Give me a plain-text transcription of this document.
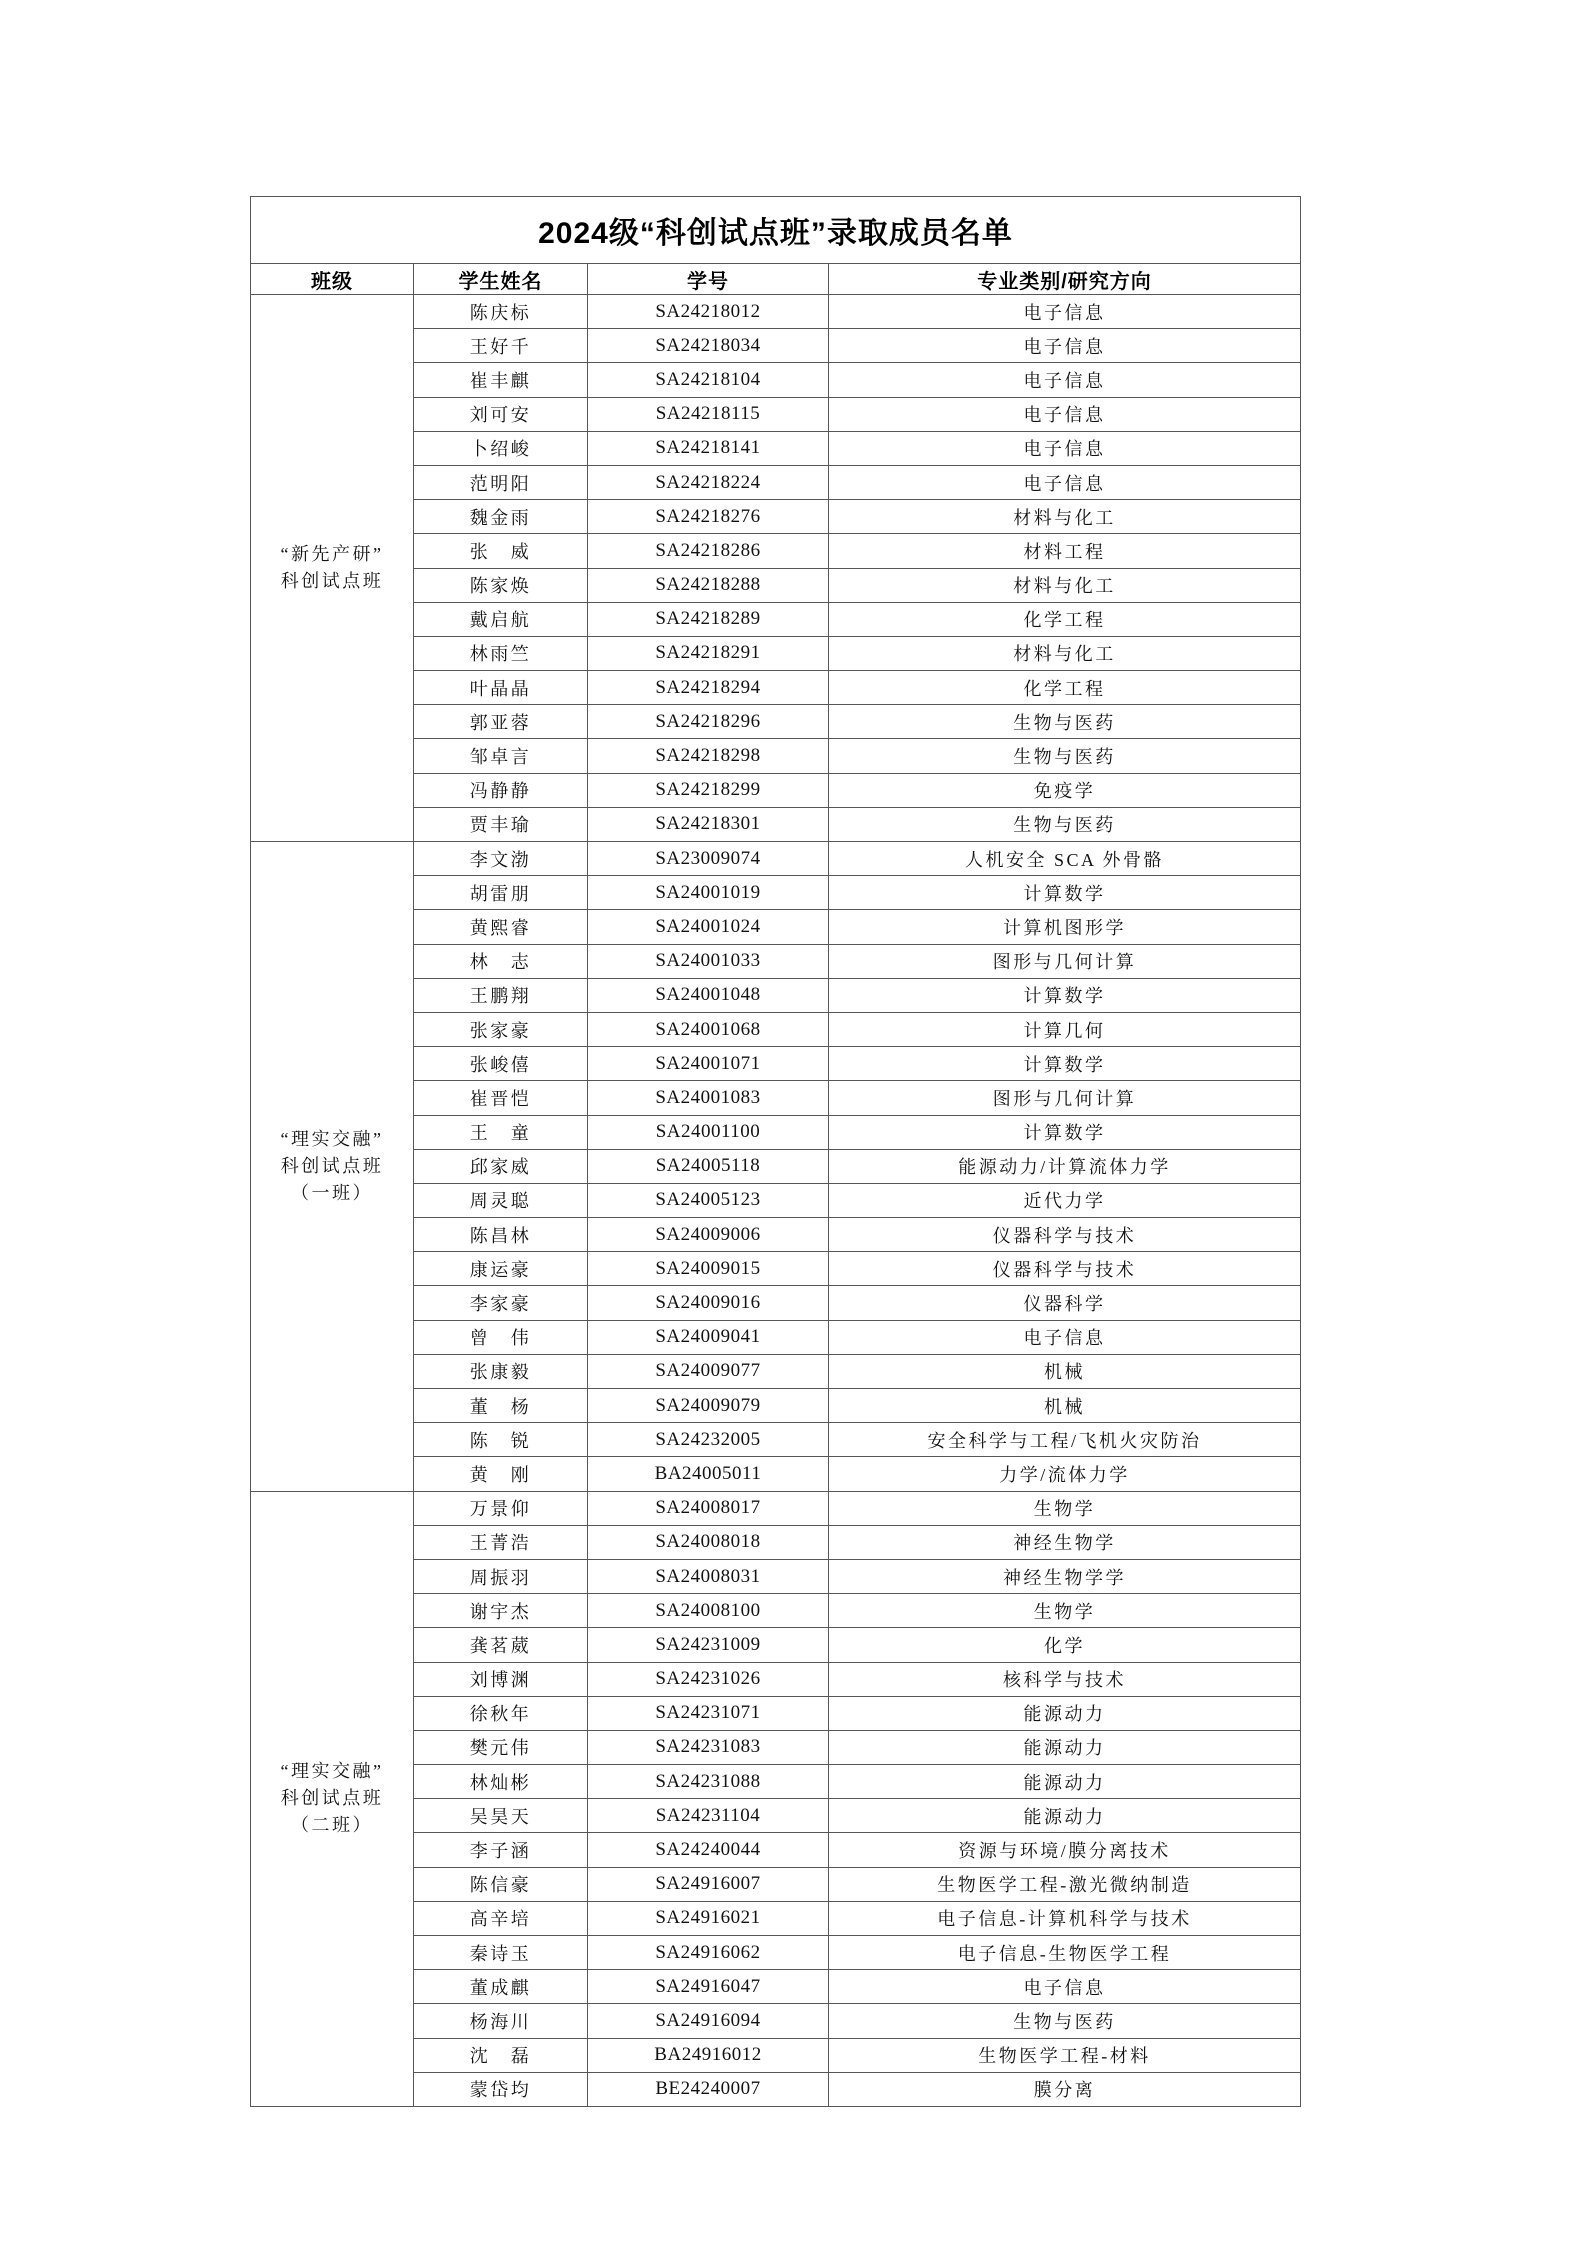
2024级“科创试点班”录取成员名单			
班级	学生姓名	学号	专业类别/研究方向

“新先产研”
科创试点班	陈庆标	SA24218012	电子信息
	王好千	SA24218034	电子信息
	崔丰麒	SA24218104	电子信息
	刘可安	SA24218115	电子信息
	卜绍峻	SA24218141	电子信息
	范明阳	SA24218224	电子信息
	魏金雨	SA24218276	材料与化工
	张　威	SA24218286	材料工程
	陈家焕	SA24218288	材料与化工
	戴启航	SA24218289	化学工程
	林雨竺	SA24218291	材料与化工
	叶晶晶	SA24218294	化学工程
	郭亚蓉	SA24218296	生物与医药
	邹卓言	SA24218298	生物与医药
	冯静静	SA24218299	免疫学
	贾丰瑜	SA24218301	生物与医药

“理实交融”
科创试点班
（一班）	李文渤	SA23009074	人机安全 SCA 外骨骼
	胡雷朋	SA24001019	计算数学
	黄熙睿	SA24001024	计算机图形学
	林　志	SA24001033	图形与几何计算
	王鹏翔	SA24001048	计算数学
	张家豪	SA24001068	计算几何
	张峻僖	SA24001071	计算数学
	崔晋恺	SA24001083	图形与几何计算
	王　童	SA24001100	计算数学
	邱家威	SA24005118	能源动力/计算流体力学
	周灵聪	SA24005123	近代力学
	陈昌林	SA24009006	仪器科学与技术
	康运豪	SA24009015	仪器科学与技术
	李家豪	SA24009016	仪器科学
	曾　伟	SA24009041	电子信息
	张康毅	SA24009077	机械
	董　杨	SA24009079	机械
	陈　锐	SA24232005	安全科学与工程/飞机火灾防治
	黄　刚	BA24005011	力学/流体力学

“理实交融”
科创试点班
（二班）	万景仰	SA24008017	生物学
	王菁浩	SA24008018	神经生物学
	周振羽	SA24008031	神经生物学学
	谢宇杰	SA24008100	生物学
	龚茗葳	SA24231009	化学
	刘博渊	SA24231026	核科学与技术
	徐秋年	SA24231071	能源动力
	樊元伟	SA24231083	能源动力
	林灿彬	SA24231088	能源动力
	吴昊天	SA24231104	能源动力
	李子涵	SA24240044	资源与环境/膜分离技术
	陈信豪	SA24916007	生物医学工程-激光微纳制造
	高辛培	SA24916021	电子信息-计算机科学与技术
	秦诗玉	SA24916062	电子信息-生物医学工程
	董成麒	SA24916047	电子信息
	杨海川	SA24916094	生物与医药
	沈　磊	BA24916012	生物医学工程-材料
	蒙岱均	BE24240007	膜分离
